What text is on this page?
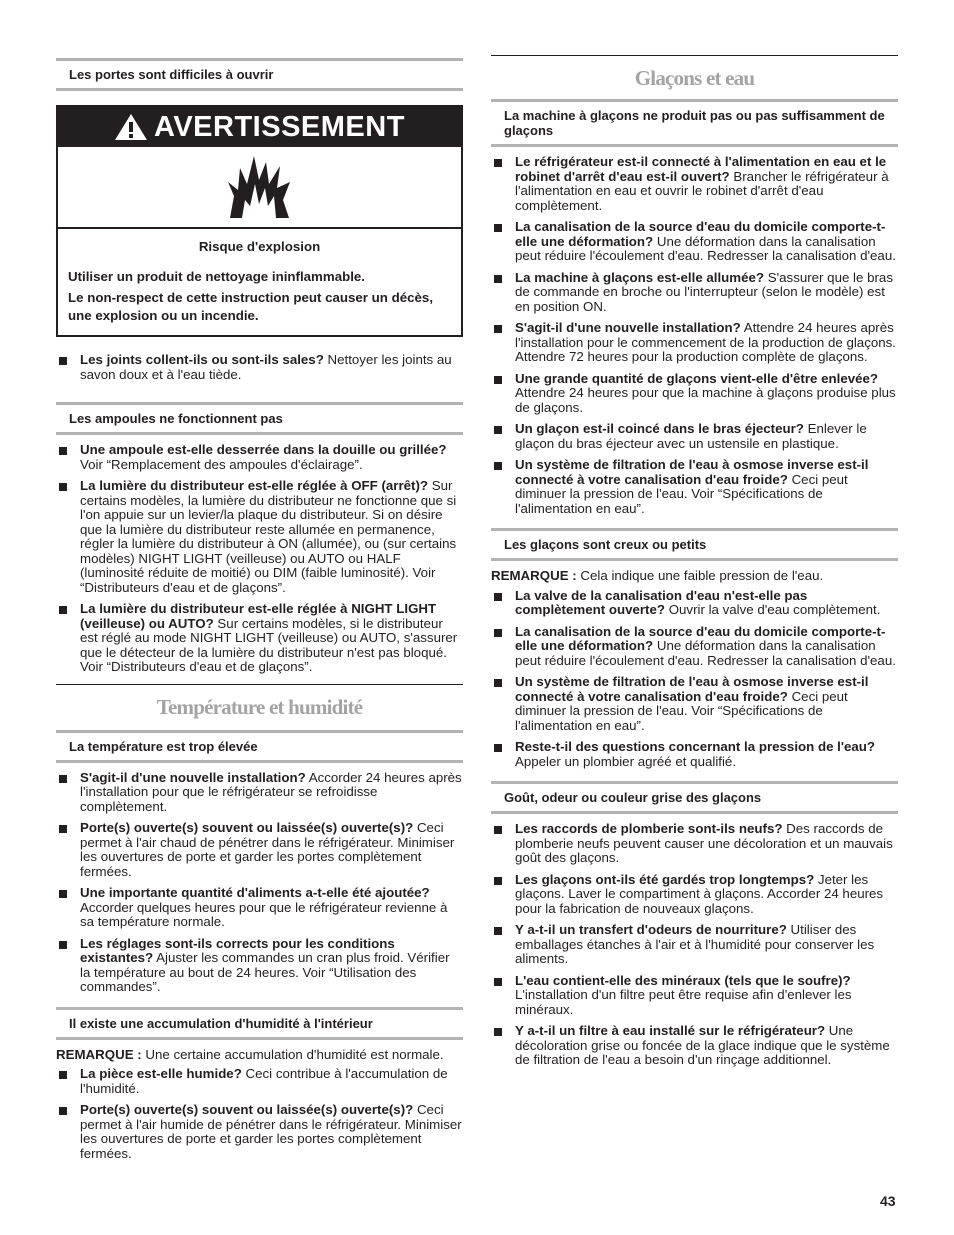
Les portes sont difficiles à ouvrir
AVERTISSEMENT
Risque d'explosion
Utiliser un produit de nettoyage ininflammable.
Le non-respect de cette instruction peut causer un décès, une explosion ou un incendie.
Les joints collent-ils ou sont-ils sales? Nettoyer les joints au savon doux et à l'eau tiède.
Les ampoules ne fonctionnent pas
Une ampoule est-elle desserrée dans la douille ou grillée? Voir “Remplacement des ampoules d'éclairage”.
La lumière du distributeur est-elle réglée à OFF (arrêt)? Sur certains modèles, la lumière du distributeur ne fonctionne que si l'on appuie sur un levier/la plaque du distributeur. Si on désire que la lumière du distributeur reste allumée en permanence, régler la lumière du distributeur à ON (allumée), ou (sur certains modèles) NIGHT LIGHT (veilleuse) ou AUTO ou HALF (luminosité réduite de moitié) ou DIM (faible luminosité). Voir “Distributeurs d'eau et de glaçons”.
La lumière du distributeur est-elle réglée à NIGHT LIGHT (veilleuse) ou AUTO? Sur certains modèles, si le distributeur est réglé au mode NIGHT LIGHT (veilleuse) ou AUTO, s'assurer que le détecteur de la lumière du distributeur n'est pas bloqué. Voir “Distributeurs d'eau et de glaçons”.
Température et humidité
La température est trop élevée
S'agit-il d'une nouvelle installation? Accorder 24 heures après l'installation pour que le réfrigérateur se refroidisse complètement.
Porte(s) ouverte(s) souvent ou laissée(s) ouverte(s)? Ceci permet à l'air chaud de pénétrer dans le réfrigérateur. Minimiser les ouvertures de porte et garder les portes complètement fermées.
Une importante quantité d'aliments a-t-elle été ajoutée? Accorder quelques heures pour que le réfrigérateur revienne à sa température normale.
Les réglages sont-ils corrects pour les conditions existantes? Ajuster les commandes un cran plus froid. Vérifier la température au bout de 24 heures. Voir “Utilisation des commandes”.
Il existe une accumulation d'humidité à l'intérieur
REMARQUE : Une certaine accumulation d'humidité est normale.
La pièce est-elle humide? Ceci contribue à l'accumulation de l'humidité.
Porte(s) ouverte(s) souvent ou laissée(s) ouverte(s)? Ceci permet à l'air humide de pénétrer dans le réfrigérateur. Minimiser les ouvertures de porte et garder les portes complètement fermées.
Glaçons et eau
La machine à glaçons ne produit pas ou pas suffisamment de glaçons
Le réfrigérateur est-il connecté à l'alimentation en eau et le robinet d'arrêt d'eau est-il ouvert? Brancher le réfrigérateur à l'alimentation en eau et ouvrir le robinet d'arrêt d'eau complètement.
La canalisation de la source d'eau du domicile comporte-t-elle une déformation? Une déformation dans la canalisation peut réduire l'écoulement d'eau. Redresser la canalisation d'eau.
La machine à glaçons est-elle allumée? S'assurer que le bras de commande en broche ou l'interrupteur (selon le modèle) est en position ON.
S'agit-il d'une nouvelle installation? Attendre 24 heures après l'installation pour le commencement de la production de glaçons. Attendre 72 heures pour la production complète de glaçons.
Une grande quantité de glaçons vient-elle d'être enlevée? Attendre 24 heures pour que la machine à glaçons produise plus de glaçons.
Un glaçon est-il coincé dans le bras éjecteur? Enlever le glaçon du bras éjecteur avec un ustensile en plastique.
Un système de filtration de l'eau à osmose inverse est-il connecté à votre canalisation d'eau froide? Ceci peut diminuer la pression de l'eau. Voir “Spécifications de l'alimentation en eau”.
Les glaçons sont creux ou petits
REMARQUE : Cela indique une faible pression de l'eau.
La valve de la canalisation d'eau n'est-elle pas complètement ouverte? Ouvrir la valve d'eau complètement.
La canalisation de la source d'eau du domicile comporte-t-elle une déformation? Une déformation dans la canalisation peut réduire l'écoulement d'eau. Redresser la canalisation d'eau.
Un système de filtration de l'eau à osmose inverse est-il connecté à votre canalisation d'eau froide? Ceci peut diminuer la pression de l'eau. Voir “Spécifications de l'alimentation en eau”.
Reste-t-il des questions concernant la pression de l'eau? Appeler un plombier agréé et qualifié.
Goût, odeur ou couleur grise des glaçons
Les raccords de plomberie sont-ils neufs? Des raccords de plomberie neufs peuvent causer une décoloration et un mauvais goût des glaçons.
Les glaçons ont-ils été gardés trop longtemps? Jeter les glaçons. Laver le compartiment à glaçons. Accorder 24 heures pour la fabrication de nouveaux glaçons.
Y a-t-il un transfert d'odeurs de nourriture? Utiliser des emballages étanches à l'air et à l'humidité pour conserver les aliments.
L'eau contient-elle des minéraux (tels que le soufre)? L'installation d'un filtre peut être requise afin d'enlever les minéraux.
Y a-t-il un filtre à eau installé sur le réfrigérateur? Une décoloration grise ou foncée de la glace indique que le système de filtration de l'eau a besoin d'un rinçage additionnel.
43
